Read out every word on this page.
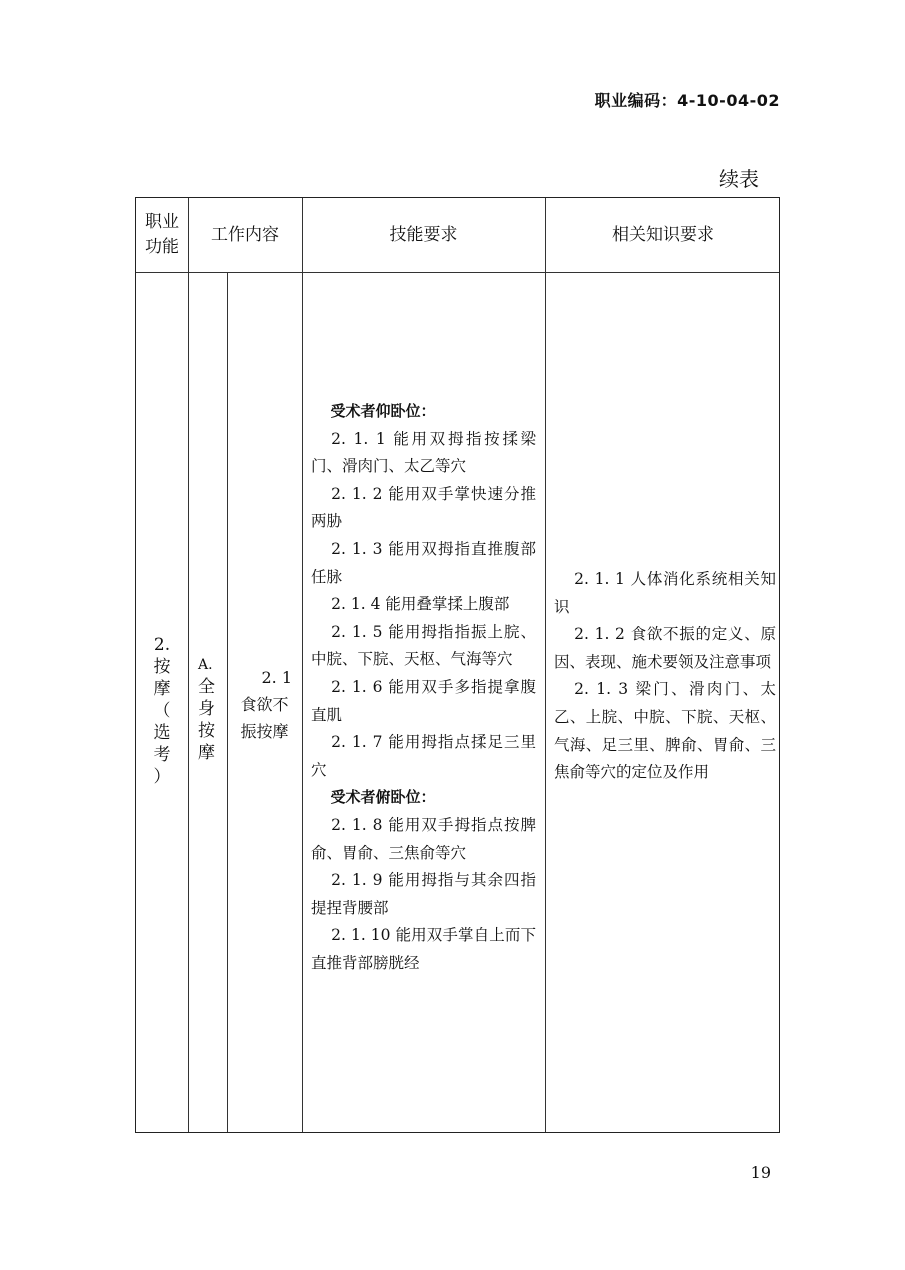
职业编码：4-10-04-02
续表
职业
功能
工作内容	技能要求	相关知识要求
2.
按
摩
（
选
考
）
A.
全
身
按
摩
2. 1
食欲不
振按摩
受术者仰卧位：
2. 1. 1 能用双拇指按揉梁门、滑肉门、太乙等穴
2. 1. 2 能用双手掌快速分推两胁
2. 1. 3 能用双拇指直推腹部任脉
2. 1. 4 能用叠掌揉上腹部
2. 1. 5 能用拇指指振上脘、中脘、下脘、天枢、气海等穴
2. 1. 6 能用双手多指提拿腹直肌
2. 1. 7 能用拇指点揉足三里穴
受术者俯卧位：
2. 1. 8 能用双手拇指点按脾俞、胃俞、三焦俞等穴
2. 1. 9 能用拇指与其余四指提捏背腰部
2. 1. 10 能用双手掌自上而下直推背部膀胱经
2. 1. 1 人体消化系统相关知识
2. 1. 2 食欲不振的定义、原因、表现、施术要领及注意事项
2. 1. 3 梁门、滑肉门、太乙、上脘、中脘、下脘、天枢、气海、足三里、脾俞、胃俞、三焦俞等穴的定位及作用
19
